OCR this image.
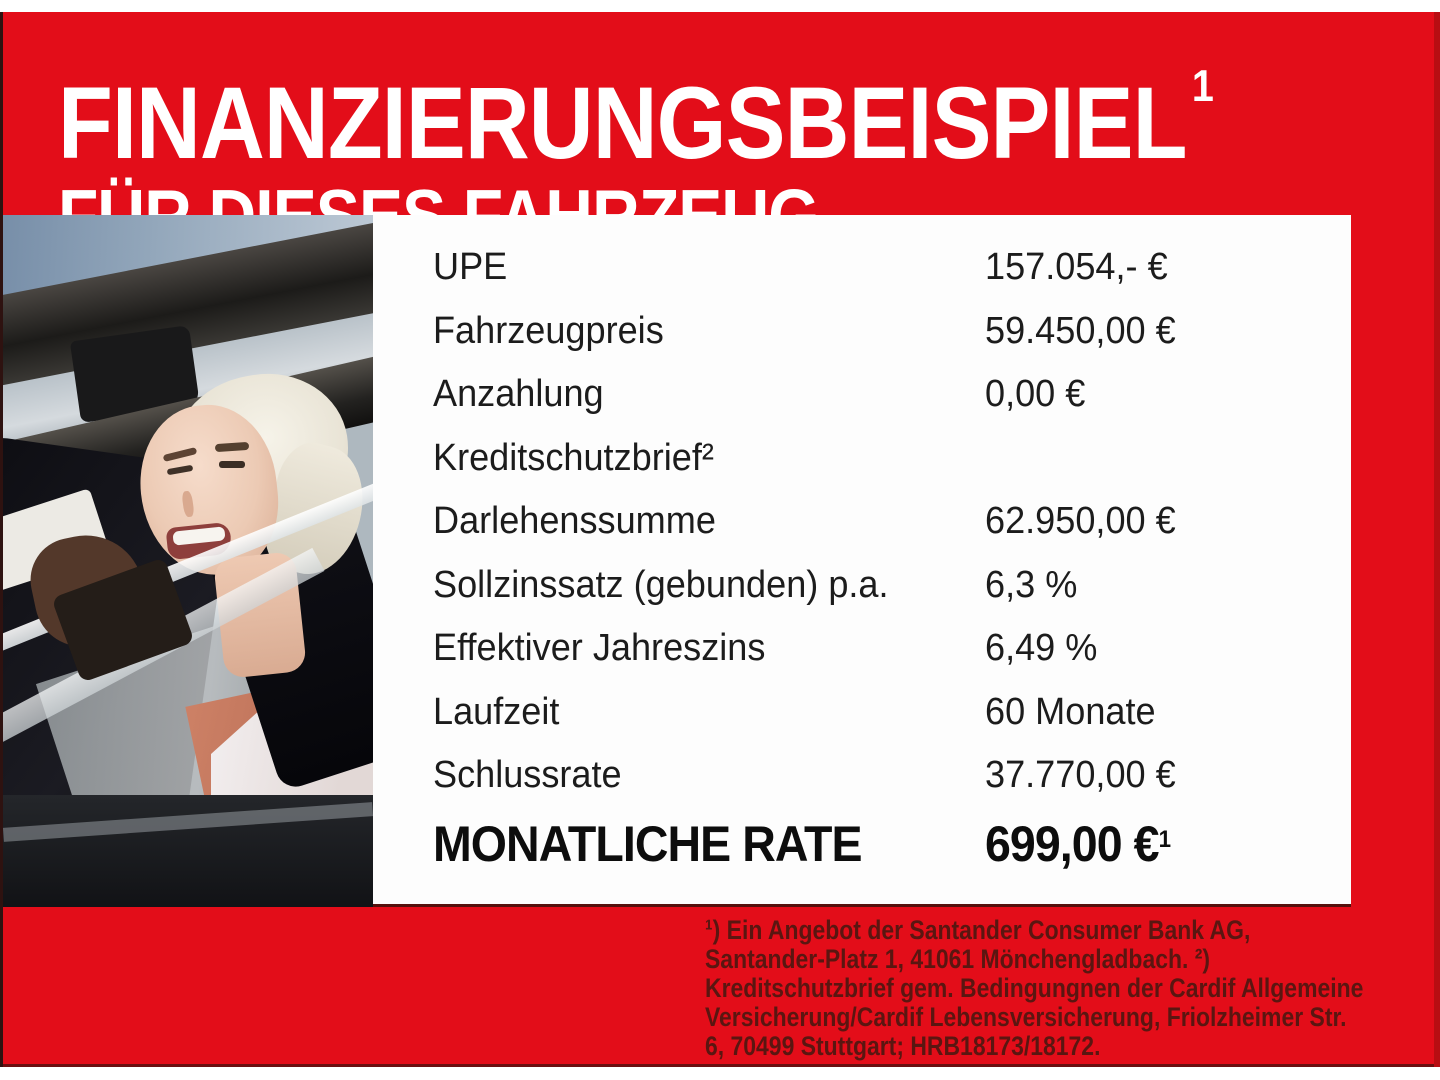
FINANZIERUNGSBEISPIEL $^1$
UPE	157.054,- €
Fahrzeugpreis	59.450,00 €
Anzahlung	0,00 €
Kreditschutzbrief²
Darlehenssumme	62.950,00 €
Sollzinssatz (gebunden) p.a.	6,3 %
Effektiver Jahreszins	6,49 %
Laufzeit	60 Monate
Schlussrate	37.770,00 €
MONATLICHE RATE 699,00 €$^1$
¹) Ein Angebot der Santander Consumer Bank AG,
Santander-Platz 1, 41061 Mönchengladbach. ²)
Kreditschutzbrief gem. Bedingungnen der Cardif Allgemeine
Versicherung/Cardif Lebensversicherung, Friolzheimer Str.
6, 70499 Stuttgart; HRB18173/18172.
